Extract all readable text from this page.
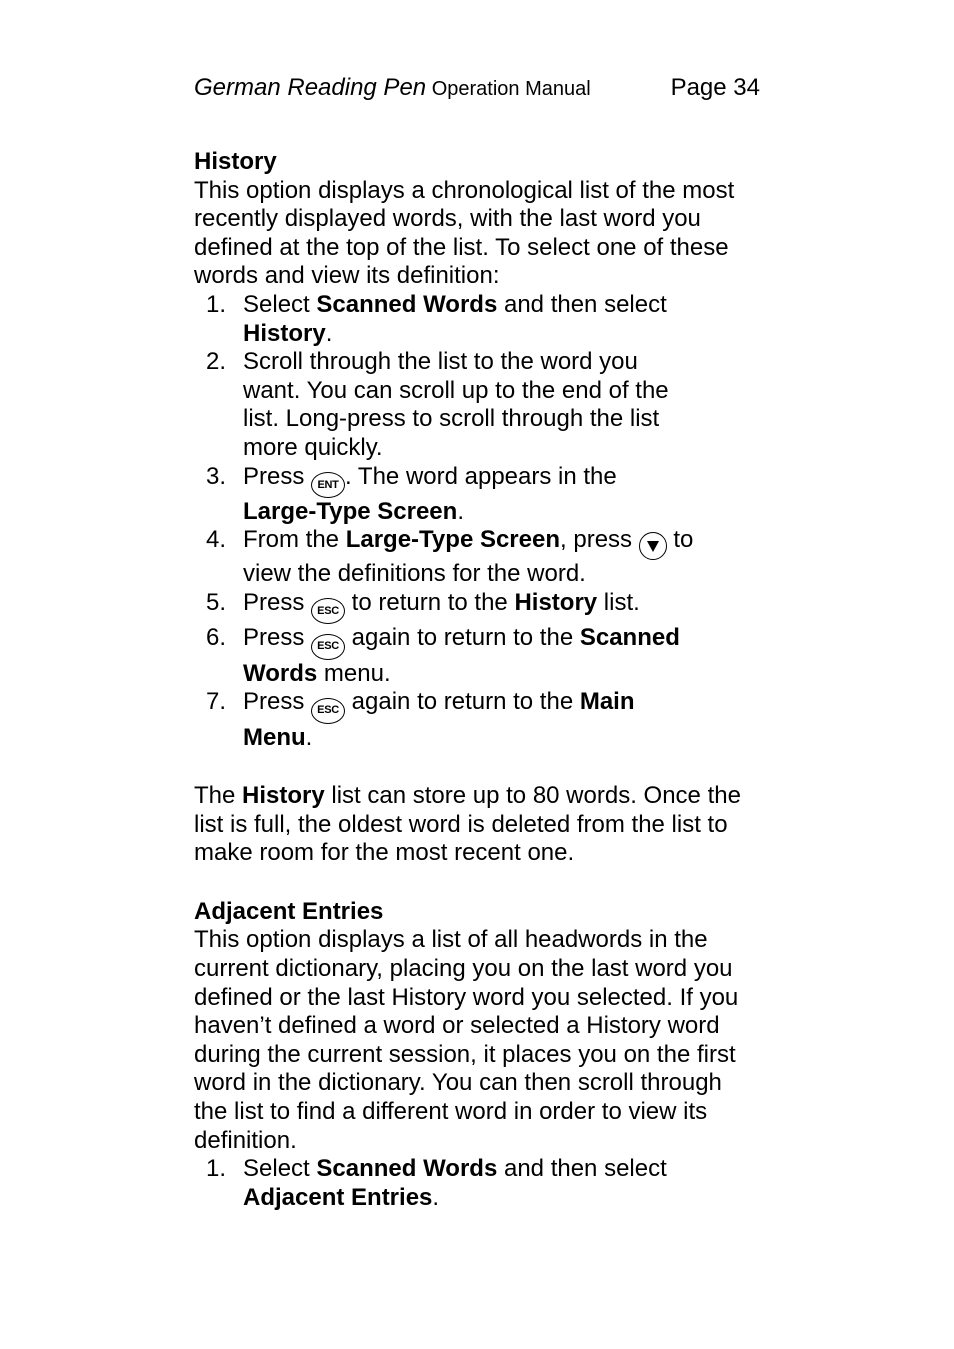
German Reading Pen Operation Manual	Page 34

History

This option displays a chronological list of the most recently displayed words, with the last word you defined at the top of the list. To select one of these words and view its definition:

1. Select Scanned Words and then select
History.
2. Scroll through the list to the word you want. You can scroll up to the end of the list. Long-press to scroll through the list more quickly.
3. Press ENT . The word appears in the
Large-Type Screen.
4. From the Large-Type Screen, press
to view the definitions for the word.
5. Press ESC to return to the History list.
6. Press ESC again to return to the Scanned Words menu.
7. Press ESC again to return to the Main Menu.

The History list can store up to 80 words. Once the list is full, the oldest word is deleted from the list to make room for the most recent one.

Adjacent Entries

This option displays a list of all headwords in the current dictionary, placing you on the last word you defined or the last History word you selected. If you haven’t defined a word or selected a History word during the current session, it places you on the first word in the dictionary. You can then scroll through the list to find a different word in order to view its definition.

1. Select Scanned Words and then select
Adjacent Entries.
